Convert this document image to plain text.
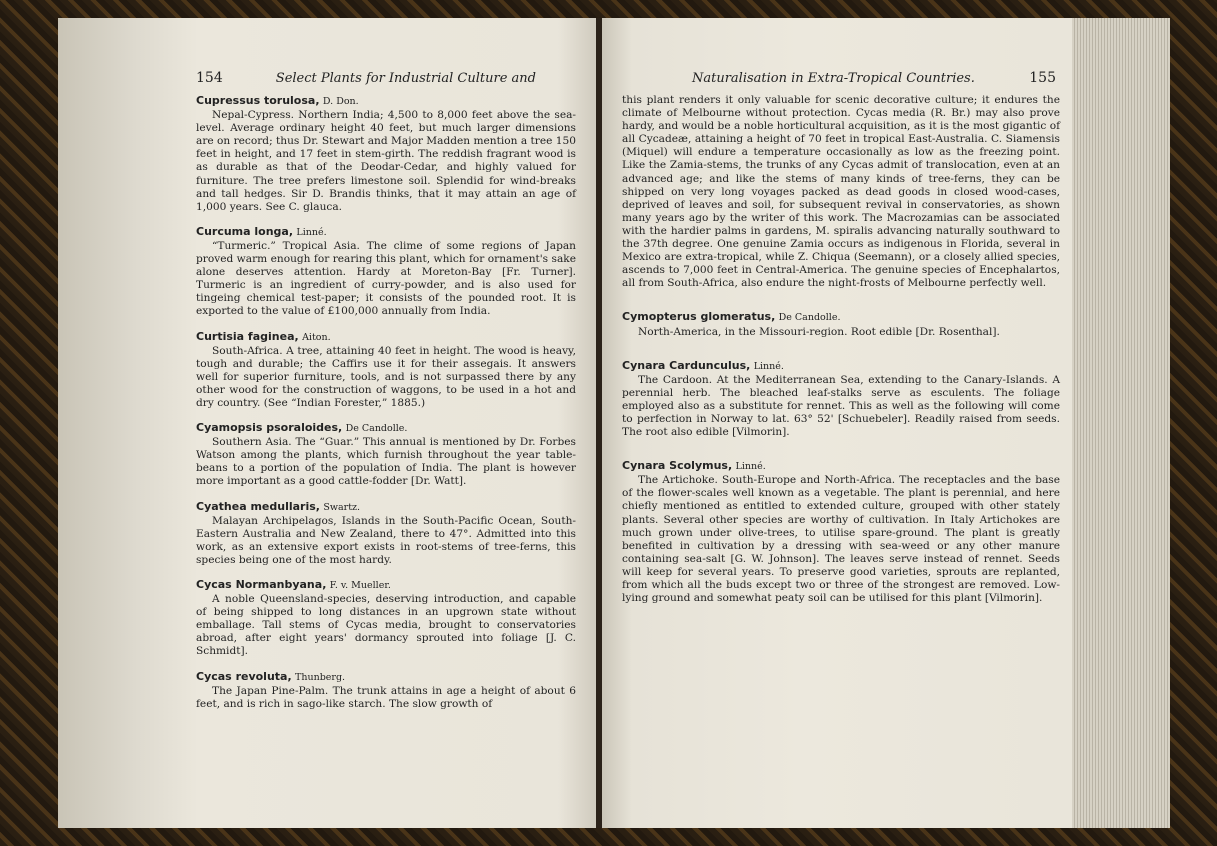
154	Select Plants for Industrial Culture and
Cupressus torulosa, D. Don.
Nepal-Cypress. Northern India; 4,500 to 8,000 feet above the sea-level. Average ordinary height 40 feet, but much larger dimensions are on record; thus Dr. Stewart and Major Madden mention a tree 150 feet in height, and 17 feet in stem-girth. The reddish fragrant wood is as durable as that of the Deodar-Cedar, and highly valued for furniture. The tree prefers limestone soil. Splendid for wind-breaks and tall hedges. Sir D. Brandis thinks, that it may attain an age of 1,000 years. See C. glauca.
Curcuma longa, Linné.
“Turmeric.” Tropical Asia. The clime of some regions of Japan proved warm enough for rearing this plant, which for ornament's sake alone deserves attention. Hardy at Moreton-Bay [Fr. Turner]. Turmeric is an ingredient of curry-powder, and is also used for tingeing chemical test-paper; it consists of the pounded root. It is exported to the value of £100,000 annually from India.
Curtisia faginea, Aiton.
South-Africa. A tree, attaining 40 feet in height. The wood is heavy, tough and durable; the Caffirs use it for their assegais. It answers well for superior furniture, tools, and is not surpassed there by any other wood for the construction of waggons, to be used in a hot and dry country. (See “Indian Forester,” 1885.)
Cyamopsis psoraloides, De Candolle.
Southern Asia. The “Guar.” This annual is mentioned by Dr. Forbes Watson among the plants, which furnish throughout the year table-beans to a portion of the population of India. The plant is however more important as a good cattle-fodder [Dr. Watt].
Cyathea medullaris, Swartz.
Malayan Archipelagos, Islands in the South-Pacific Ocean, South-Eastern Australia and New Zealand, there to 47°. Admitted into this work, as an extensive export exists in root-stems of tree-ferns, this species being one of the most hardy.
Cycas Normanbyana, F. v. Mueller.
A noble Queensland-species, deserving introduction, and capable of being shipped to long distances in an upgrown state without emballage. Tall stems of Cycas media, brought to conservatories abroad, after eight years' dormancy sprouted into foliage [J. C. Schmidt].
Cycas revoluta, Thunberg.
The Japan Pine-Palm. The trunk attains in age a height of about 6 feet, and is rich in sago-like starch. The slow growth of
Naturalisation in Extra-Tropical Countries.	155
this plant renders it only valuable for scenic decorative culture; it endures the climate of Melbourne without protection. Cycas media (R. Br.) may also prove hardy, and would be a noble horticultural acquisition, as it is the most gigantic of all Cycadeæ, attaining a height of 70 feet in tropical East-Australia. C. Siamensis (Miquel) will endure a temperature occasionally as low as the freezing point. Like the Zamia-stems, the trunks of any Cycas admit of translocation, even at an advanced age; and like the stems of many kinds of tree-ferns, they can be shipped on very long voyages packed as dead goods in closed wood-cases, deprived of leaves and soil, for subsequent revival in conservatories, as shown many years ago by the writer of this work. The Macrozamias can be associated with the hardier palms in gardens, M. spiralis advancing naturally southward to the 37th degree. One genuine Zamia occurs as indigenous in Florida, several in Mexico are extra-tropical, while Z. Chiqua (Seemann), or a closely allied species, ascends to 7,000 feet in Central-America. The genuine species of Encephalartos, all from South-Africa, also endure the night-frosts of Melbourne perfectly well.
Cymopterus glomeratus, De Candolle.
North-America, in the Missouri-region. Root edible [Dr. Rosenthal].
Cynara Cardunculus, Linné.
The Cardoon. At the Mediterranean Sea, extending to the Canary-Islands. A perennial herb. The bleached leaf-stalks serve as esculents. The foliage employed also as a substitute for rennet. This as well as the following will come to perfection in Norway to lat. 63° 52' [Schuebeler]. Readily raised from seeds. The root also edible [Vilmorin].
Cynara Scolymus, Linné.
The Artichoke. South-Europe and North-Africa. The receptacles and the base of the flower-scales well known as a vegetable. The plant is perennial, and here chiefly mentioned as entitled to extended culture, grouped with other stately plants. Several other species are worthy of cultivation. In Italy Artichokes are much grown under olive-trees, to utilise spare-ground. The plant is greatly benefited in cultivation by a dressing with sea-weed or any other manure containing sea-salt [G. W. Johnson]. The leaves serve instead of rennet. Seeds will keep for several years. To preserve good varieties, sprouts are replanted, from which all the buds except two or three of the strongest are removed. Low-lying ground and somewhat peaty soil can be utilised for this plant [Vilmorin].
